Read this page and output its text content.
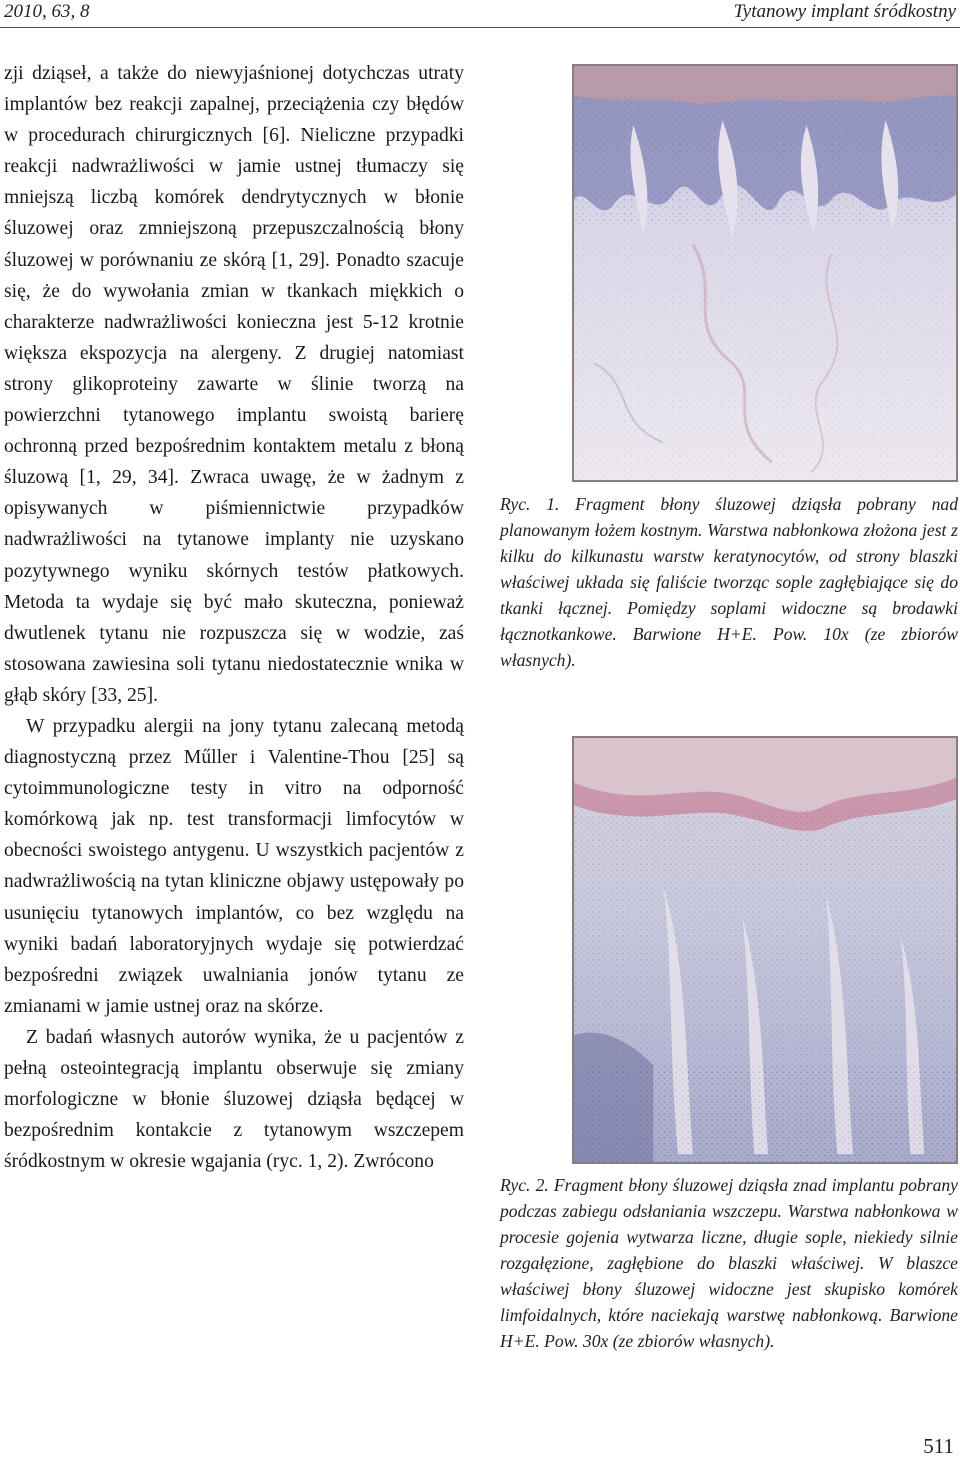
2010, 63, 8	Tytanowy implant śródkostny

zji dziąseł, a także do niewyjaśnionej dotychczas utraty implantów bez reakcji zapalnej, przeciążenia czy błędów w procedurach chirurgicznych [6]. Nieliczne przypadki reakcji nadwrażliwości w jamie ustnej tłumaczy się mniejszą liczbą komórek dendrytycznych w błonie śluzowej oraz zmniejszoną przepuszczalnością błony śluzowej w porównaniu ze skórą [1, 29]. Ponadto szacuje się, że do wywołania zmian w tkankach miękkich o charakterze nadwrażliwości konieczna jest 5-12 krotnie większa ekspozycja na alergeny. Z drugiej natomiast strony glikoproteiny zawarte w ślinie tworzą na powierzchni tytanowego implantu swoistą barierę ochronną przed bezpośrednim kontaktem metalu z błoną śluzową [1, 29, 34]. Zwraca uwagę, że w żadnym z opisywanych w piśmiennictwie przypadków nadwrażliwości na tytanowe implanty nie uzyskano pozytywnego wyniku skórnych testów płatkowych. Metoda ta wydaje się być mało skuteczna, ponieważ dwutlenek tytanu nie rozpuszcza się w wodzie, zaś stosowana zawiesina soli tytanu niedostatecznie wnika w głąb skóry [33, 25].

W przypadku alergii na jony tytanu zalecaną metodą diagnostyczną przez Műller i Valentine-Thou [25] są cytoimmunologiczne testy in vitro na odporność komórkową jak np. test transformacji limfocytów w obecności swoistego antygenu. U wszystkich pacjentów z nadwrażliwością na tytan kliniczne objawy ustępowały po usunięciu tytanowych implantów, co bez względu na wyniki badań laboratoryjnych wydaje się potwierdzać bezpośredni związek uwalniania jonów tytanu ze zmianami w jamie ustnej oraz na skórze.

Z badań własnych autorów wynika, że u pacjentów z pełną osteointegracją implantu obserwuje się zmiany morfologiczne w błonie śluzowej dziąsła będącej w bezpośrednim kontakcie z tytanowym wszczepem śródkostnym w okresie wgajania (ryc. 1, 2). Zwrócono

Ryc. 1. Fragment błony śluzowej dziąsła pobrany nad planowanym łożem kostnym. Warstwa nabłonkowa złożona jest z kilku do kilkunastu warstw keratynocytów, od strony blaszki właściwej układa się faliście tworząc sople zagłębiające się do tkanki łącznej. Pomiędzy soplami widoczne są brodawki łącznotkankowe. Barwione H+E. Pow. 10x (ze zbiorów własnych).

Ryc. 2. Fragment błony śluzowej dziąsła znad implantu pobrany podczas zabiegu odsłaniania wszczepu. Warstwa nabłonkowa w procesie gojenia wytwarza liczne, długie sople, niekiedy silnie rozgałęzione, zagłębione do blaszki właściwej. W blaszce właściwej błony śluzowej widoczne jest skupisko komórek limfoidalnych, które naciekają warstwę nabłonkową. Barwione H+E. Pow. 30x (ze zbiorów własnych).

511
